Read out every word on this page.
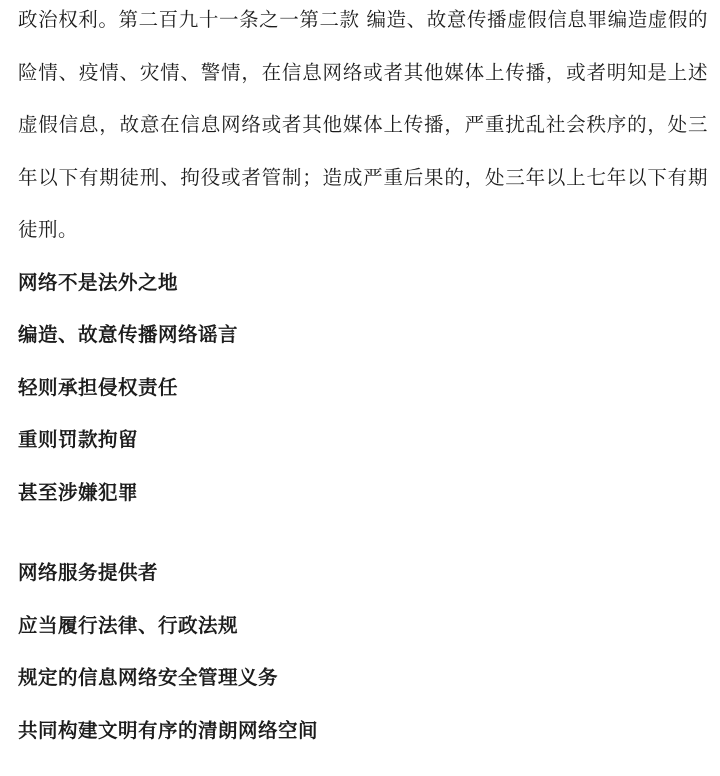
政治权利。第二百九十一条之一第二款 编造、故意传播虚假信息罪编造虚假的险情、疫情、灾情、警情，在信息网络或者其他媒体上传播，或者明知是上述虚假信息，故意在信息网络或者其他媒体上传播，严重扰乱社会秩序的，处三年以下有期徒刑、拘役或者管制；造成严重后果的，处三年以上七年以下有期徒刑。

网络不是法外之地
编造、故意传播网络谣言
轻则承担侵权责任
重则罚款拘留
甚至涉嫌犯罪
网络服务提供者
应当履行法律、行政法规
规定的信息网络安全管理义务
共同构建文明有序的清朗网络空间
